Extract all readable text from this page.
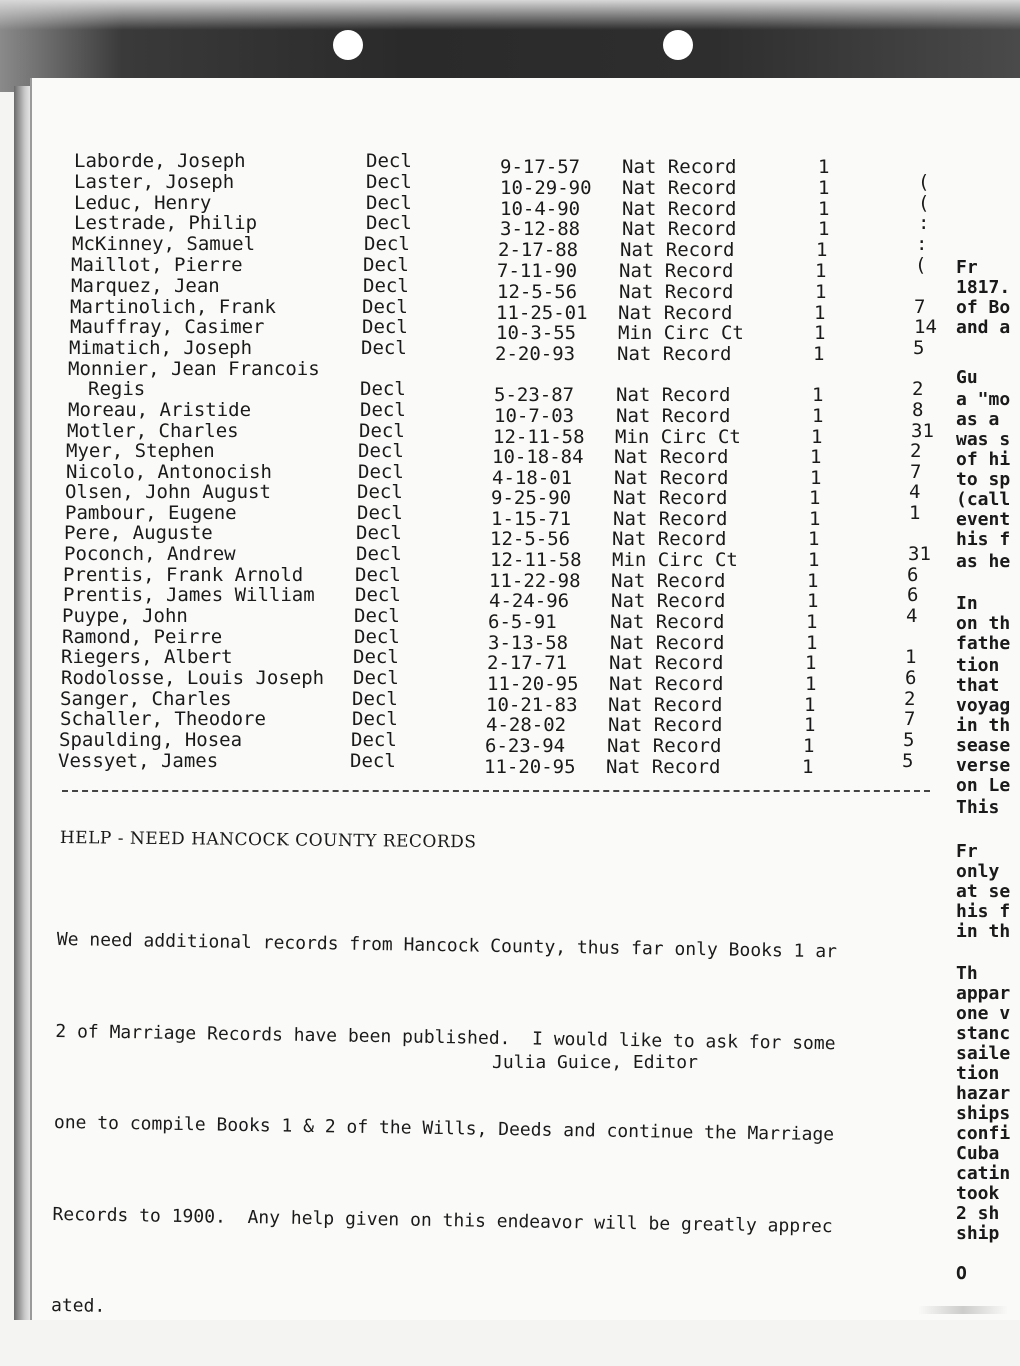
Laborde, Joseph	Decl	9-17-57 Nat Record	1
Laster, Joseph	Decl	10-29-90 Nat Record	1	(
Leduc, Henry	Decl	10-4-90 Nat Record	1	(
Lestrade, Philip	Decl	3-12-88 Nat Record	1	:
McKinney, Samuel	Decl	2-17-88 Nat Record	1	:
Maillot, Pierre	Decl	7-11-90 Nat Record	1	(
Marquez, Jean	Decl	12-5-56 Nat Record	1
Martinolich, Frank	Decl	11-25-01 Nat Record	1	7
Mauffray, Casimer	Decl	10-3-55 Min Circ Ct	1	14
Mimatich, Joseph	Decl	2-20-93 Nat Record	1	5
Monnier, Jean Francois
Regis	Decl	5-23-87 Nat Record	1	2
Moreau, Aristide	Decl	10-7-03 Nat Record	1	8
Motler, Charles	Decl	12-11-58 Min Circ Ct	1	31
Myer, Stephen	Decl	10-18-84 Nat Record	1	2
Nicolo, Antonocish	Decl	4-18-01 Nat Record	1	7
Olsen, John August	Decl	9-25-90 Nat Record	1	4
Pambour, Eugene	Decl	1-15-71 Nat Record	1	1
Pere, Auguste	Decl	12-5-56 Nat Record	1
Poconch, Andrew	Decl	12-11-58 Min Circ Ct	1	31
Prentis, Frank Arnold	Decl	11-22-98 Nat Record	1	6
Prentis, James William Decl	4-24-96 Nat Record	1	6
Puype, John	Decl	6-5-91	Nat Record	1	4
Ramond, Peirre	Decl	3-13-58 Nat Record	1
Riegers, Albert	Decl	2-17-71 Nat Record	1	1
Rodolosse, Louis Joseph Decl	11-20-95 Nat Record	1	6
Sanger, Charles	Decl	10-21-83 Nat Record	1	2
Schaller, Theodore	Decl	4-28-02 Nat Record	1	7
Spaulding, Hosea	Decl	6-23-94 Nat Record	1	5
Vessyet, James	Decl	11-20-95 Nat Record	1	5
HELP - NEED HANCOCK COUNTY RECORDS

We need additional records from Hancock County, thus far only Books 1 ar

2 of Marriage Records have been published.  I would like to ask for some

one to compile Books 1 & 2 of the Wills, Deeds and continue the Marriage

Records to 1900.  Any help given on this endeavor will be greatly apprec

ated.

Julia Guice, Editor
Fr
1817.
of Bo
and a
Gu
a "mo
as a
was s
of hi
to sp
(call
event
his f
as he
In
on th
fathe
tion
that
voyag
in th
sease
verse
on Le
This
Fr
only
at se
his f
in th
Th
appar
one v
stanc
saile
tion
hazar
ships
confi
Cuba
catin
took
2 sh
ship
O
